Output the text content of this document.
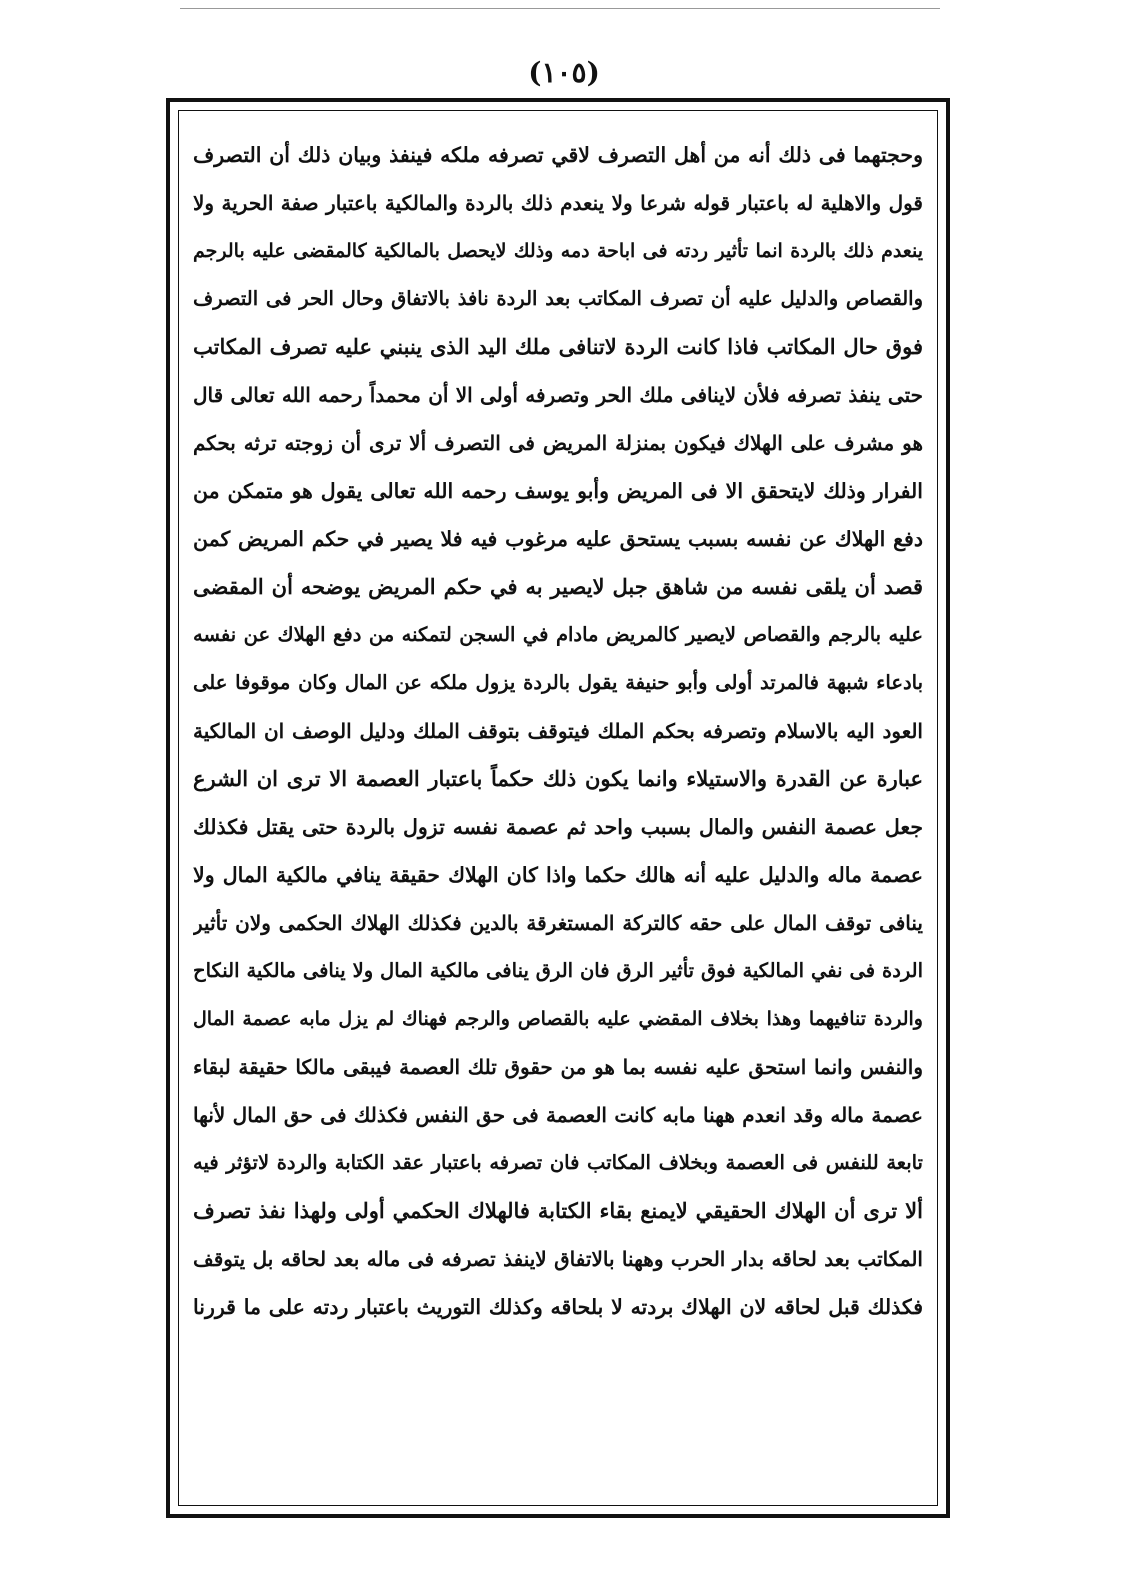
(١٠٥)
وحجتهما فى ذلك أنه من أهل التصرف لاقي تصرفه ملكه فينفذ وبيان ذلك أن التصرف
قول والاهلية له باعتبار قوله شرعا ولا ينعدم ذلك بالردة والمالكية باعتبار صفة الحرية ولا
ينعدم ذلك بالردة انما تأثير ردته فى اباحة دمه وذلك لايحصل بالمالكية كالمقضى عليه بالرجم
والقصاص والدليل عليه أن تصرف المكاتب بعد الردة نافذ بالاتفاق وحال الحر فى التصرف
فوق حال المكاتب فاذا كانت الردة لاتنافى ملك اليد الذى ينبني عليه تصرف المكاتب
حتى ينفذ تصرفه فلأن لاينافى ملك الحر وتصرفه أولى الا أن محمداً رحمه الله تعالى قال
هو مشرف على الهلاك فيكون بمنزلة المريض فى التصرف ألا ترى أن زوجته ترثه بحكم
الفرار وذلك لايتحقق الا فى المريض وأبو يوسف رحمه الله تعالى يقول هو متمكن من
دفع الهلاك عن نفسه بسبب يستحق عليه مرغوب فيه فلا يصير في حكم المريض كمن
قصد أن يلقى نفسه من شاهق جبل لايصير به في حكم المريض يوضحه أن المقضى
عليه بالرجم والقصاص لايصير كالمريض مادام في السجن لتمكنه من دفع الهلاك عن نفسه
بادعاء شبهة فالمرتد أولى وأبو حنيفة يقول بالردة يزول ملكه عن المال وكان موقوفا على
العود اليه بالاسلام وتصرفه بحكم الملك فيتوقف بتوقف الملك ودليل الوصف ان المالكية
عبارة عن القدرة والاستيلاء وانما يكون ذلك حكماً باعتبار العصمة الا ترى ان الشرع
جعل عصمة النفس والمال بسبب واحد ثم عصمة نفسه تزول بالردة حتى يقتل فكذلك
عصمة ماله والدليل عليه أنه هالك حكما واذا كان الهلاك حقيقة ينافي مالكية المال ولا
ينافى توقف المال على حقه كالتركة المستغرقة بالدين فكذلك الهلاك الحكمى ولان تأثير
الردة فى نفي المالكية فوق تأثير الرق فان الرق ينافى مالكية المال ولا ينافى مالكية النكاح
والردة تنافيهما وهذا بخلاف المقضي عليه بالقصاص والرجم فهناك لم يزل مابه عصمة المال
والنفس وانما استحق عليه نفسه بما هو من حقوق تلك العصمة فيبقى مالكا حقيقة لبقاء
عصمة ماله وقد انعدم ههنا مابه كانت العصمة فى حق النفس فكذلك فى حق المال لأنها
تابعة للنفس فى العصمة وبخلاف المكاتب فان تصرفه باعتبار عقد الكتابة والردة لاتؤثر فيه
ألا ترى أن الهلاك الحقيقي لايمنع بقاء الكتابة فالهلاك الحكمي أولى ولهذا نفذ تصرف
المكاتب بعد لحاقه بدار الحرب وههنا بالاتفاق لاينفذ تصرفه فى ماله بعد لحاقه بل يتوقف
فكذلك قبل لحاقه لان الهلاك بردته لا بلحاقه وكذلك التوريث باعتبار ردته على ما قررنا
